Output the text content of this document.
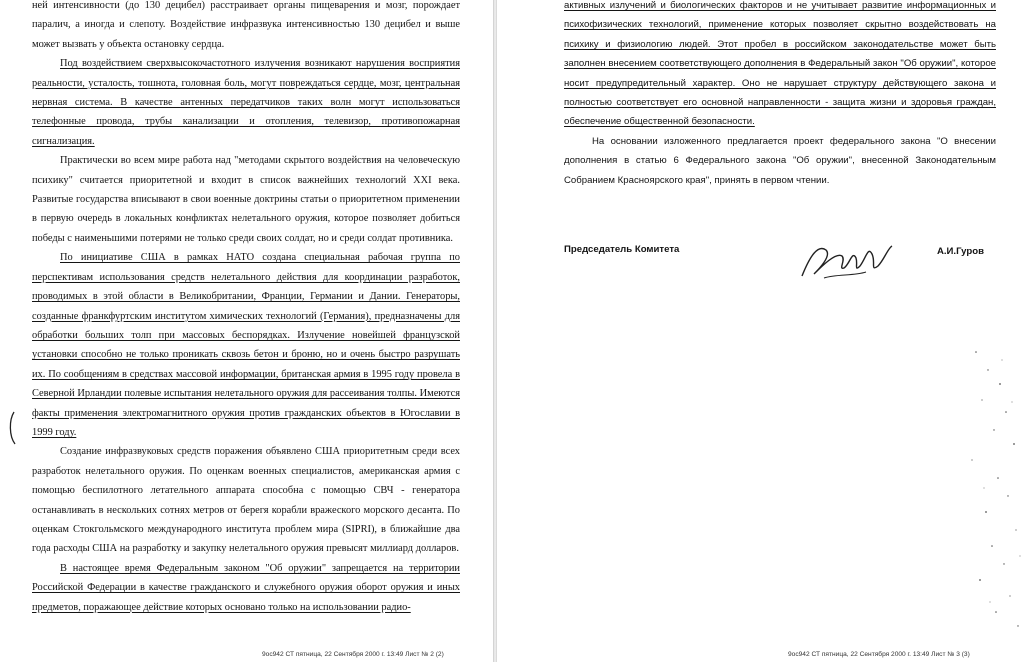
ней интенсивности (до 130 децибел) расстраивает органы пищеварения и мозг, порождает паралич, а иногда и слепоту. Воздействие инфразвука интенсивностью 130 децибел и выше может вызвать у объекта остановку сердца.

Под воздействием сверхвысокочастотного излучения возникают нарушения восприятия реальности, усталость, тошнота, головная боль, могут повреждаться сердце, мозг, центральная нервная система. В качестве антенных передатчиков таких волн могут использоваться телефонные провода, трубы канализации и отопления, телевизор, противопожарная сигнализация.

Практически во всем мире работа над "методами скрытого воздействия на человеческую психику" считается приоритетной и входит в список важнейших технологий XXI века. Развитые государства вписывают в свои военные доктрины статьи о приоритетном применении в первую очередь в локальных конфликтах нелетального оружия, которое позволяет добиться победы с наименьшими потерями не только среди своих солдат, но и среди солдат противника.

По инициативе США в рамках НАТО создана специальная рабочая группа по перспективам использования средств нелетального действия для координации разработок, проводимых в этой области в Великобритании, Франции, Германии и Дании. Генераторы, созданные франкфуртским институтом химических технологий (Германия), предназначены для обработки больших толп при массовых беспорядках. Излучение новейшей французской установки способно не только проникать сквозь бетон и броню, но и очень быстро разрушать их. По сообщениям в средствах массовой информации, британская армия в 1995 году провела в Северной Ирландии полевые испытания нелетального оружия для рассеивания толпы. Имеются факты применения электромагнитного оружия против гражданских объектов в Югославии в 1999 году.

Создание инфразвуковых средств поражения объявлено США приоритетным среди всех разработок нелетального оружия. По оценкам военных специалистов, американская армия с помощью беспилотного летательного аппарата способна с помощью СВЧ - генератора останавливать в нескольких сотнях метров от берегя корабли вражеского морского десанта. По оценкам Стокгольмского международного института проблем мира (SIPRI), в ближайшие два года расходы США на разработку и закупку нелетального оружия превысят миллиард долларов.

В настоящее время Федеральным законом "Об оружии" запрещается на территории Российской Федерации в качестве гражданского и служебного оружия оборот оружия и иных предметов, поражающее действие которых основано только на использовании радио-

9ос942 СТ пятница, 22 Сентября 2000 г. 13:49 Лист № 2 (2)

активных излучений и биологических факторов и не учитывает развитие информационных и психофизических технологий, применение которых позволяет скрытно воздействовать на психику и физиологию людей. Этот пробел в российском законодательстве может быть заполнен внесением соответствующего дополнения в Федеральный закон "Об оружии", которое носит предупредительный характер. Оно не нарушает структуру действующего закона и полностью соответствует его основной направленности - защита жизни и здоровья граждан, обеспечение общественной безопасности.

На основании изложенного предлагается проект федерального закона "О внесении дополнения в статью 6 Федерального закона "Об оружии", внесенной Законодательным Собранием Красноярского края", принять в первом чтении.

Председатель Комитета	А.И.Гуров
9ос942 СТ пятница, 22 Сентября 2000 г. 13:49 Лист № 3 (3)
